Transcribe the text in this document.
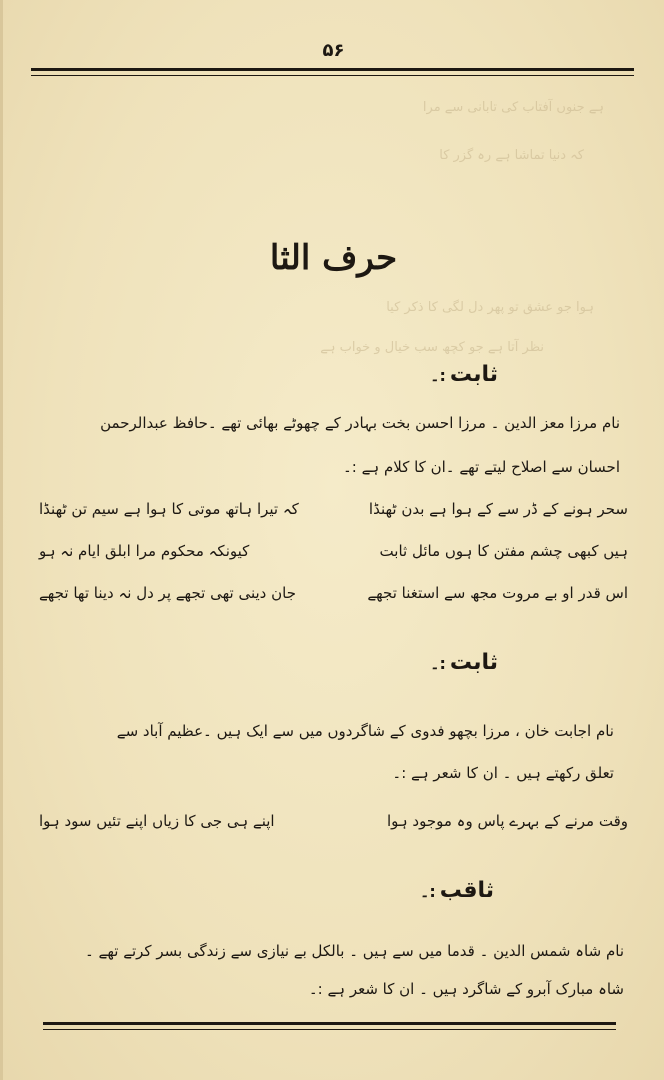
۵۶
ہے جنوں آفتاب کی تابانی سے مرا
کہ دنیا تماشا ہے رہ گزر کا
ہوا جو عشق تو پھر دل لگی کا ذکر کیا
نظر آتا ہے جو کچھ سب خیال و خواب ہے
حرف الثا
ثابت:۔
نام مرزا معز الدین ۔ مرزا احسن بخت بہادر کے چھوٹے بھائی تھے ۔حافظ عبدالرحمن
احسان سے اصلاح لیتے تھے ۔ان کا کلام ہے :۔
سحر ہونے کے ڈر سے کے ہوا ہے بدن ٹھنڈا
کہ تیرا ہاتھ موتی کا ہوا ہے سیم تن ٹھنڈا
ہیں کبھی چشم مفتن کا ہوں مائل ثابت
کیونکہ محکوم مرا ابلق ایام نہ ہو
اس قدر او بے مروت مجھ سے استغنا تجھے
جان دینی تھی تجھے پر دل نہ دینا تھا تجھے
ثابت:۔
نام اجابت خان ، مرزا بچھو فدوی کے شاگردوں میں سے ایک ہیں ۔عظیم آباد سے
تعلق رکھتے ہیں ۔ ان کا شعر ہے :۔
وقت مرنے کے بہرے پاس وہ موجود ہوا
اپنے ہی جی کا زیاں اپنے تئیں سود ہوا
ثاقب:۔
نام شاہ شمس الدین ۔ قدما میں سے ہیں ۔ بالکل بے نیازی سے زندگی بسر کرتے تھے ۔
شاہ مبارک آبرو کے شاگرد ہیں ۔ ان کا شعر ہے :۔
